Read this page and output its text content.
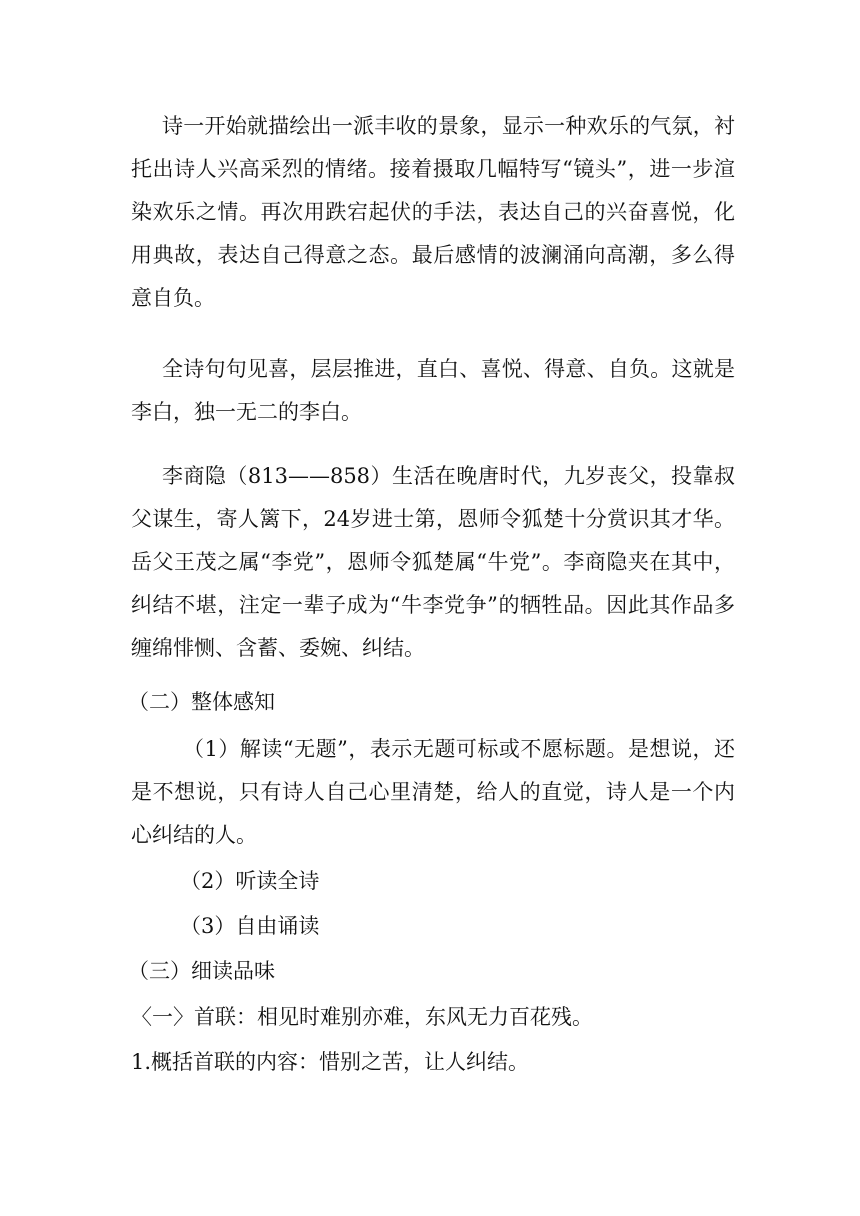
诗一开始就描绘出一派丰收的景象，显示一种欢乐的气氛，衬托出诗人兴高采烈的情绪。接着摄取几幅特写“镜头”，进一步渲染欢乐之情。再次用跌宕起伏的手法，表达自己的兴奋喜悦，化用典故，表达自己得意之态。最后感情的波澜涌向高潮，多么得意自负。

全诗句句见喜，层层推进，直白、喜悦、得意、自负。这就是李白，独一无二的李白。

李商隐（813——858）生活在晚唐时代，九岁丧父，投靠叔父谋生，寄人篱下，24岁进士第，恩师令狐楚十分赏识其才华。岳父王茂之属“李党”，恩师令狐楚属“牛党”。李商隐夹在其中，纠结不堪，注定一辈子成为“牛李党争”的牺牲品。因此其作品多缠绵悱恻、含蓄、委婉、纠结。

（二）整体感知

（1）解读“无题”，表示无题可标或不愿标题。是想说，还是不想说，只有诗人自己心里清楚，给人的直觉，诗人是一个内心纠结的人。

（2）听读全诗

（3）自由诵读

（三）细读品味

〈一〉首联：相见时难别亦难，东风无力百花残。

1.概括首联的内容：惜别之苦，让人纠结。
